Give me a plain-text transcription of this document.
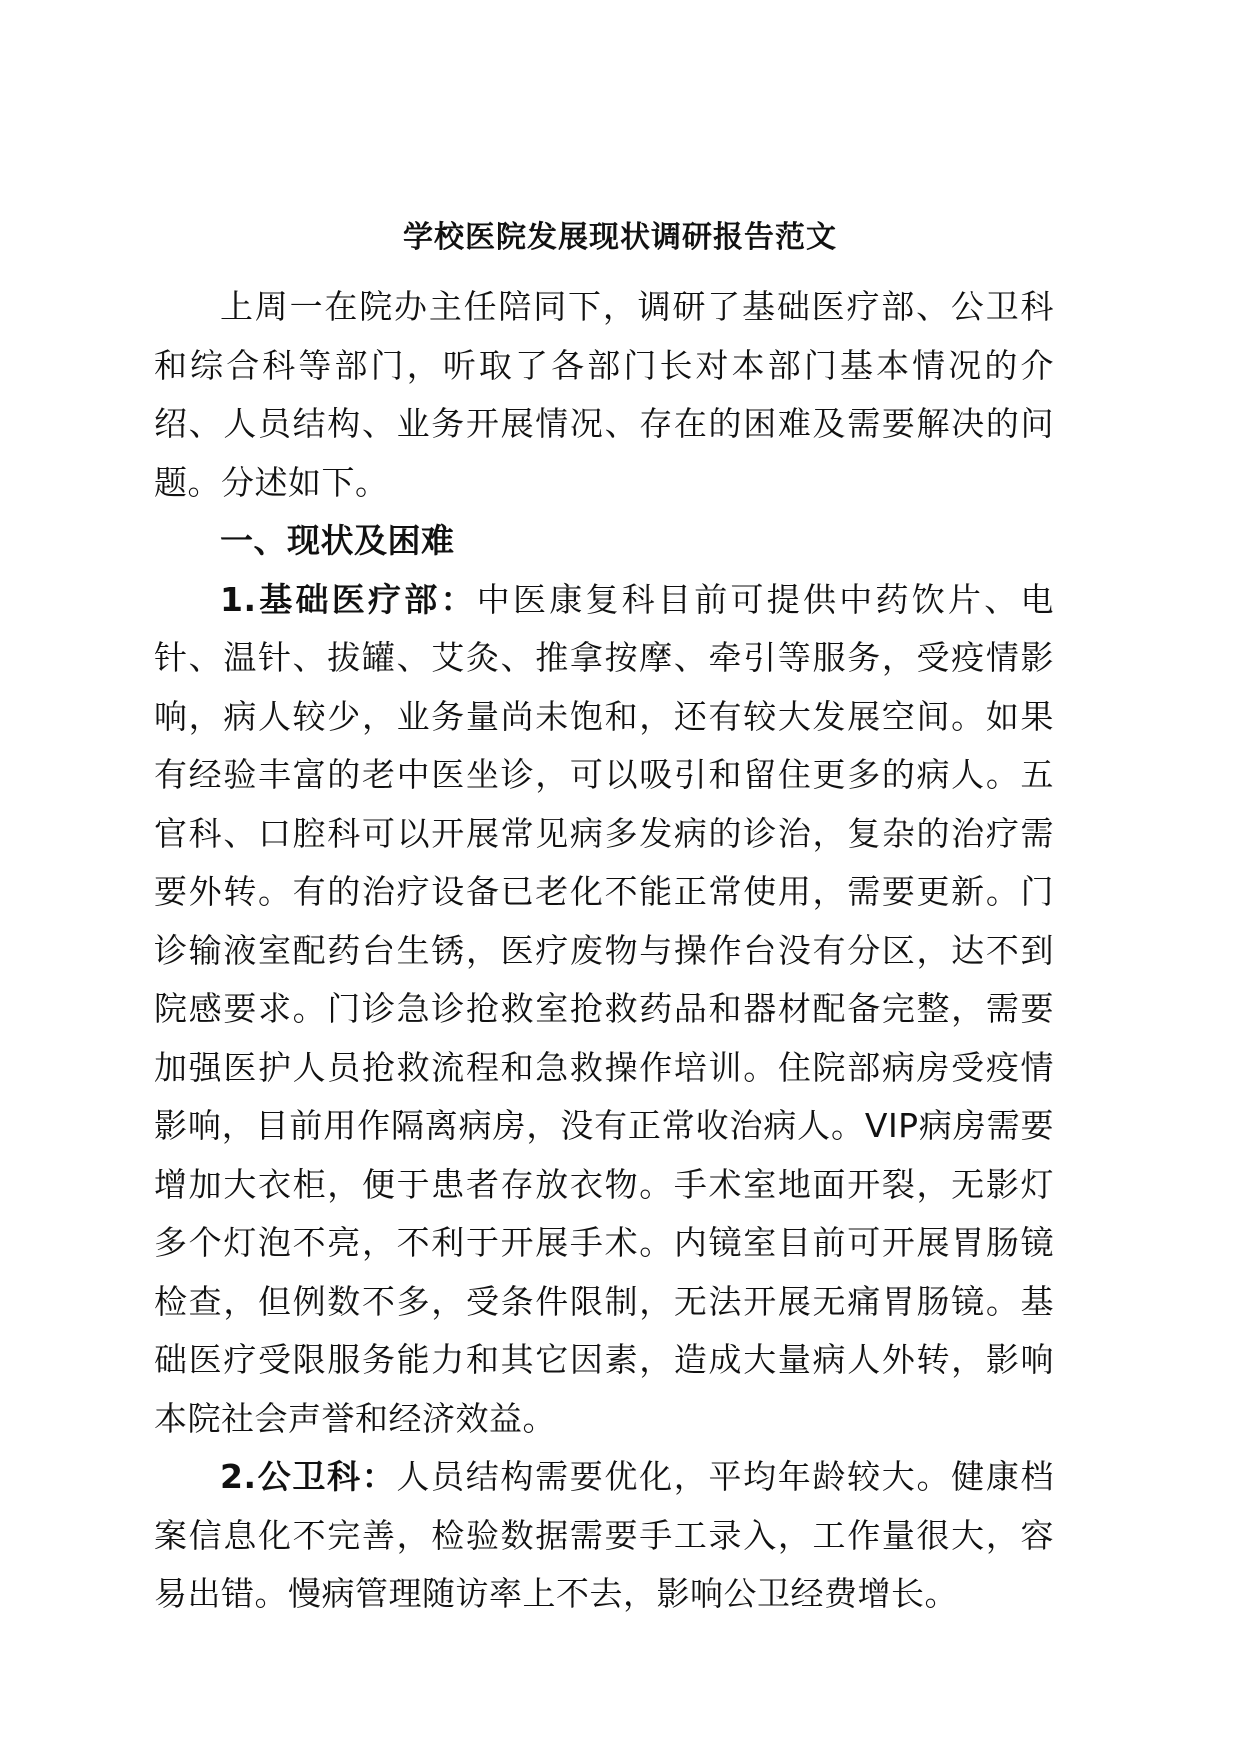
学校医院发展现状调研报告范文

上周一在院办主任陪同下，调研了基础医疗部、公卫科和综合科等部门，听取了各部门长对本部门基本情况的介绍、人员结构、业务开展情况、存在的困难及需要解决的问题。分述如下。

一、现状及困难

1.基础医疗部：中医康复科目前可提供中药饮片、电针、温针、拔罐、艾灸、推拿按摩、牵引等服务，受疫情影响，病人较少，业务量尚未饱和，还有较大发展空间。如果有经验丰富的老中医坐诊，可以吸引和留住更多的病人。五官科、口腔科可以开展常见病多发病的诊治，复杂的治疗需要外转。有的治疗设备已老化不能正常使用，需要更新。门诊输液室配药台生锈，医疗废物与操作台没有分区，达不到院感要求。门诊急诊抢救室抢救药品和器材配备完整，需要加强医护人员抢救流程和急救操作培训。住院部病房受疫情影响，目前用作隔离病房，没有正常收治病人。VIP病房需要增加大衣柜，便于患者存放衣物。手术室地面开裂，无影灯多个灯泡不亮，不利于开展手术。内镜室目前可开展胃肠镜检查，但例数不多，受条件限制，无法开展无痛胃肠镜。基础医疗受限服务能力和其它因素，造成大量病人外转，影响本院社会声誉和经济效益。

2.公卫科：人员结构需要优化，平均年龄较大。健康档案信息化不完善，检验数据需要手工录入，工作量很大，容易出错。慢病管理随访率上不去，影响公卫经费增长。
